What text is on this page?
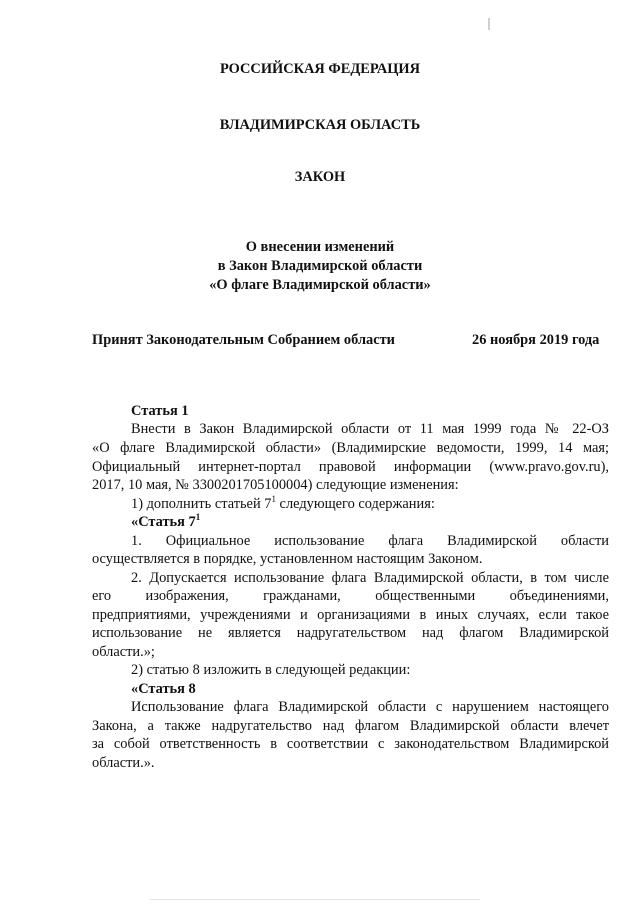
РОССИЙСКАЯ ФЕДЕРАЦИЯ
ВЛАДИМИРСКАЯ ОБЛАСТЬ
ЗАКОН
О внесении изменений
в Закон Владимирской области
«О флаге Владимирской области»
Принят Законодательным Собранием области	26 ноября 2019 года
Статья 1
Внести в Закон Владимирской области от 11 мая 1999 года № 22-ОЗ
«О флаге Владимирской области» (Владимирские ведомости, 1999, 14 мая;
Официальный интернет-портал правовой информации (www.pravo.gov.ru),
2017, 10 мая, № 3300201705100004) следующие изменения:
1) дополнить статьей $7^1$ следующего содержания:
«Статья $7^1$
1. Официальное использование флага Владимирской области
осуществляется в порядке, установленном настоящим Законом.
2. Допускается использование флага Владимирской области, в том числе
его изображения, гражданами, общественными объединениями,
предприятиями, учреждениями и организациями в иных случаях, если такое
использование не является надругательством над флагом Владимирской
области.»;
2) статью 8 изложить в следующей редакции:
«Статья 8
Использование флага Владимирской области с нарушением настоящего
Закона, а также надругательство над флагом Владимирской области влечет
за собой ответственность в соответствии с законодательством Владимирской
области.».
